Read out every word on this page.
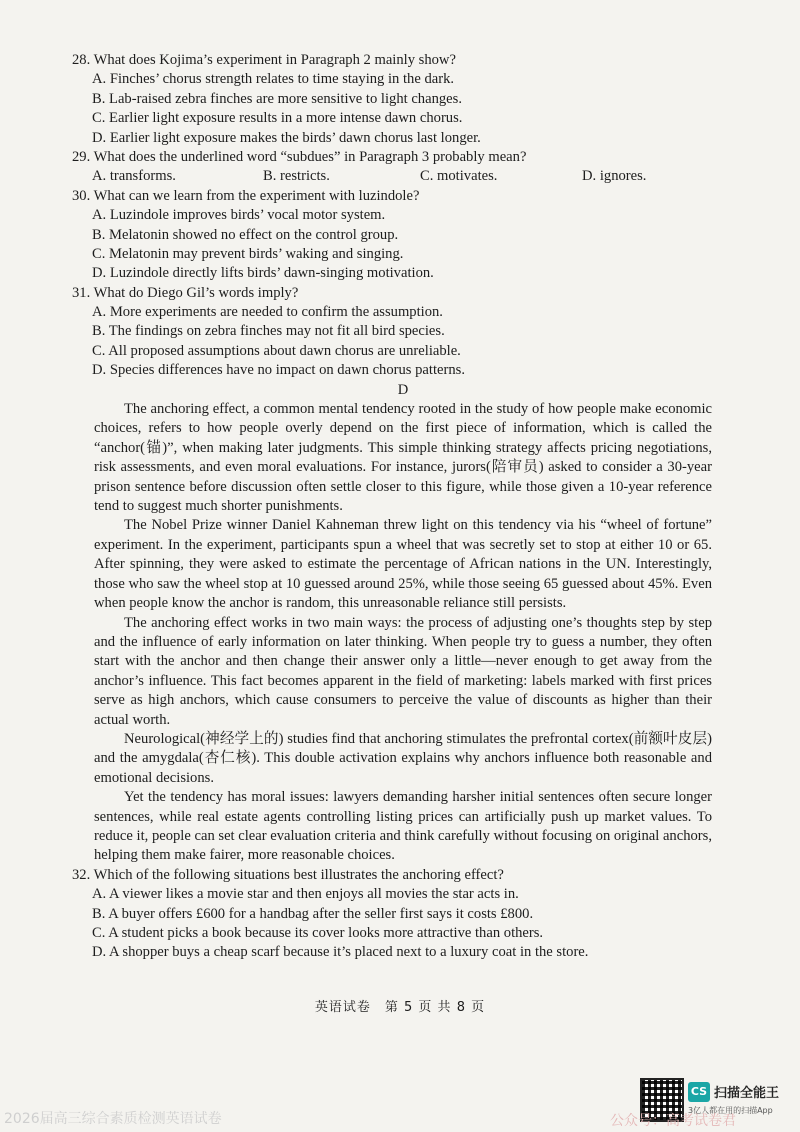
28. What does Kojima’s experiment in Paragraph 2 mainly show?
A. Finches’ chorus strength relates to time staying in the dark.
B. Lab-raised zebra finches are more sensitive to light changes.
C. Earlier light exposure results in a more intense dawn chorus.
D. Earlier light exposure makes the birds’ dawn chorus last longer.
29. What does the underlined word “subdues” in Paragraph 3 probably mean?
A. transforms.	B. restricts.	C. motivates.	D. ignores.
30. What can we learn from the experiment with luzindole?
A. Luzindole improves birds’ vocal motor system.
B. Melatonin showed no effect on the control group.
C. Melatonin may prevent birds’ waking and singing.
D. Luzindole directly lifts birds’ dawn-singing motivation.
31. What do Diego Gil’s words imply?
A. More experiments are needed to confirm the assumption.
B. The findings on zebra finches may not fit all bird species.
C. All proposed assumptions about dawn chorus are unreliable.
D. Species differences have no impact on dawn chorus patterns.
D

The anchoring effect, a common mental tendency rooted in the study of how people make economic choices, refers to how people overly depend on the first piece of information, which is called the “anchor(锚)”, when making later judgments. This simple thinking strategy affects pricing negotiations, risk assessments, and even moral evaluations. For instance, jurors(陪审员) asked to consider a 30-year prison sentence before discussion often settle closer to this figure, while those given a 10-year reference tend to suggest much shorter punishments.

The Nobel Prize winner Daniel Kahneman threw light on this tendency via his “wheel of fortune” experiment. In the experiment, participants spun a wheel that was secretly set to stop at either 10 or 65. After spinning, they were asked to estimate the percentage of African nations in the UN. Interestingly, those who saw the wheel stop at 10 guessed around 25%, while those seeing 65 guessed about 45%. Even when people know the anchor is random, this unreasonable reliance still persists.

The anchoring effect works in two main ways: the process of adjusting one’s thoughts step by step and the influence of early information on later thinking. When people try to guess a number, they often start with the anchor and then change their answer only a little—never enough to get away from the anchor’s influence. This fact becomes apparent in the field of marketing: labels marked with first prices serve as high anchors, which cause consumers to perceive the value of discounts as higher than their actual worth.

Neurological(神经学上的) studies find that anchoring stimulates the prefrontal cortex(前额叶皮层) and the amygdala(杏仁核). This double activation explains why anchors influence both reasonable and emotional decisions.

Yet the tendency has moral issues: lawyers demanding harsher initial sentences often secure longer sentences, while real estate agents controlling listing prices can artificially push up market values. To reduce it, people can set clear evaluation criteria and think carefully without focusing on original anchors, helping them make fairer, more reasonable choices.

32. Which of the following situations best illustrates the anchoring effect?
A. A viewer likes a movie star and then enjoys all movies the star acts in.
B. A buyer offers £600 for a handbag after the seller first says it costs £800.
C. A student picks a book because its cover looks more attractive than others.
D. A shopper buys a cheap scarf because it’s placed next to a luxury coat in the store.
英语试卷　第 5 页 共 8 页
2026届高三综合素质检测英语试卷
CS 扫描全能王
3亿人都在用的扫描App
公众号：高考试卷君
